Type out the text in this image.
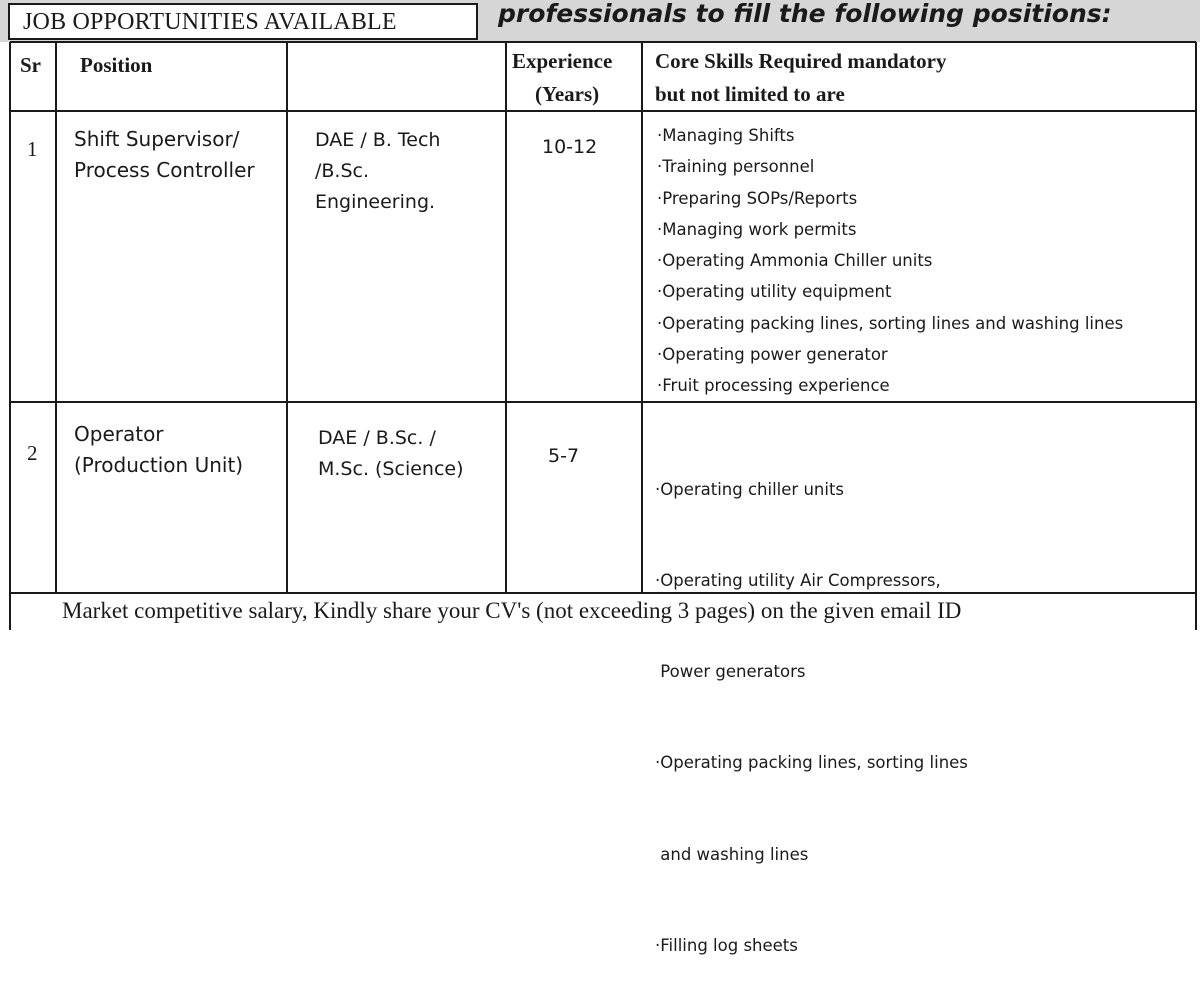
JOB OPPORTUNITIES AVAILABLE	professionals to fill the following positions:
Sr Position	Experience
(Years)
Core Skills Required mandatory
but not limited to are
1 Shift Supervisor/
Process Controller
DAE / B. Tech
/B.Sc.
Engineering.
10-12
·Managing Shifts
·Training personnel
·Preparing SOPs/Reports
·Managing work permits
·Operating Ammonia Chiller units
·Operating utility equipment
·Operating packing lines, sorting lines and washing lines
·Operating power generator
·Fruit processing experience
2
Operator
(Production Unit)
DAE / B.Sc. /
M.Sc. (Science)
5-7

·Operating chiller units

·Operating utility Air Compressors,

Power generators

·Operating packing lines, sorting lines

and washing lines

·Filling log sheets

Market competitive salary, Kindly share your CV's (not exceeding 3 pages) on the given email ID
